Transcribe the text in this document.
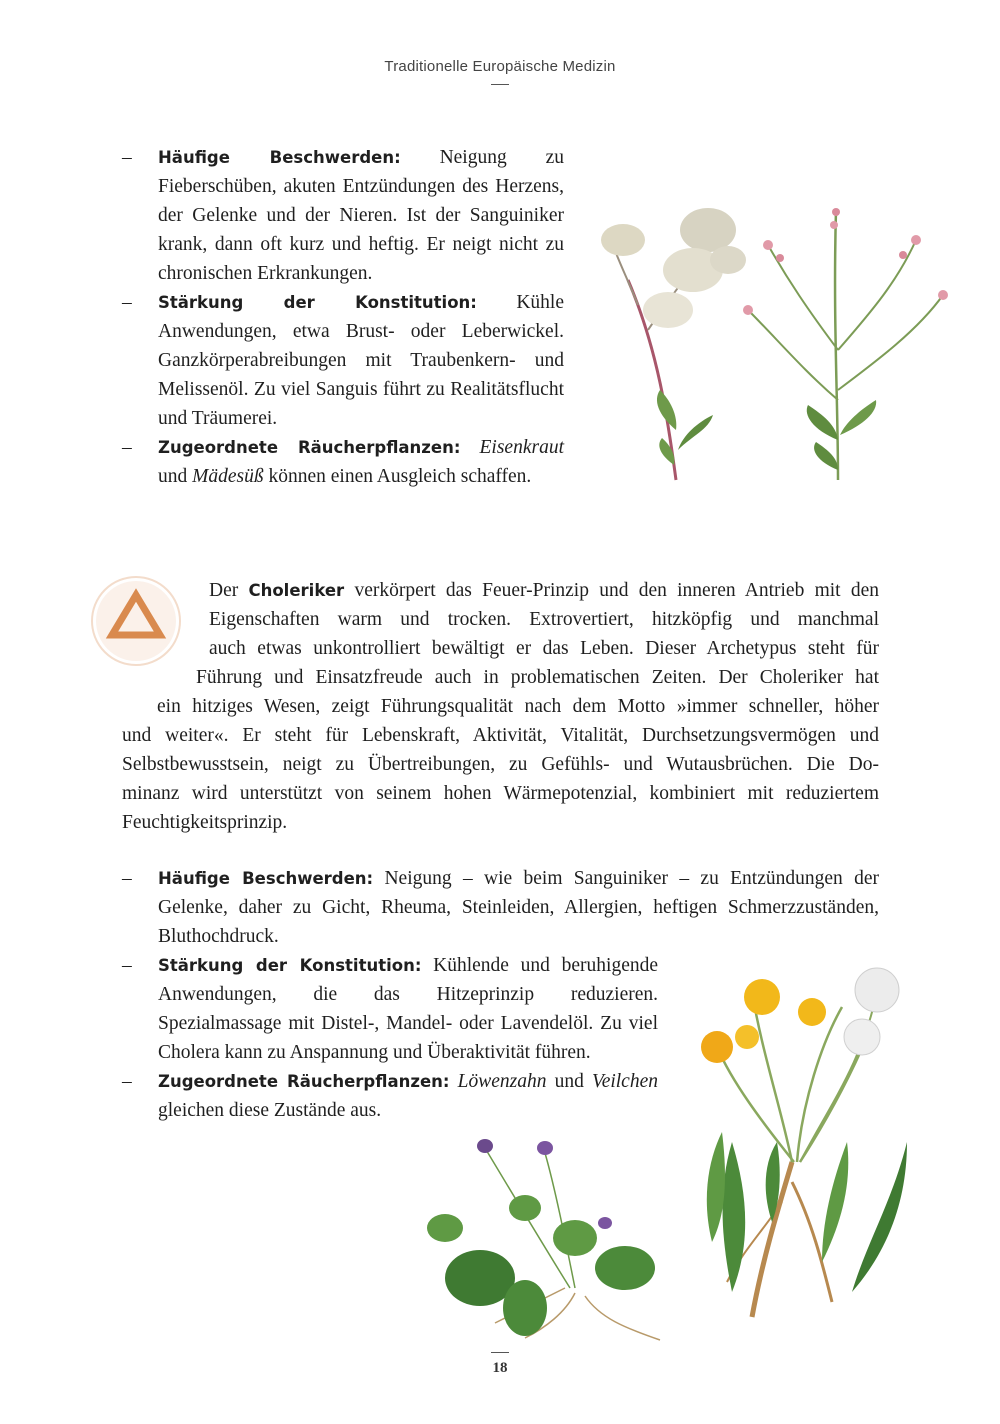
Traditionelle Europäische Medizin
– Häufige Beschwerden: Neigung zu Fieberschüben, akuten Entzündungen des Herzens, der Gelenke und der Nieren. Ist der Sanguiniker krank, dann oft kurz und heftig. Er neigt nicht zu chronischen Erkrankungen.
– Stärkung der Konstitution: Kühle Anwendungen, etwa Brust- oder Leberwickel. Ganzkörperabreibungen mit Traubenkern- und Melissenöl. Zu viel Sanguis führt zu Realitätsflucht und Träumerei.
– Zugeordnete Räucherpflanzen: Eisenkraut und Mädesüß können einen Ausgleich schaffen.
Der Choleriker verkörpert das Feuer-Prinzip und den inneren Antrieb mit den
Eigenschaften warm und trocken. Extrovertiert, hitzköpfig und manchmal
auch etwas unkontrolliert bewältigt er das Leben. Dieser Archetypus steht für
Führung und Einsatzfreude auch in problematischen Zeiten. Der Choleriker hat
ein hitziges Wesen, zeigt Führungsqualität nach dem Motto »immer schneller, höher
und weiter«. Er steht für Lebenskraft, Aktivität, Vitalität, Durchsetzungsvermögen und
Selbstbewusstsein, neigt zu Übertreibungen, zu Gefühls- und Wutausbrüchen. Die Do-
minanz wird unterstützt von seinem hohen Wärmepotenzial, kombiniert mit reduziertem
Feuchtigkeitsprinzip.
– Häufige Beschwerden: Neigung – wie beim Sanguiniker – zu Entzündungen der Gelenke, daher zu Gicht, Rheuma, Steinleiden, Allergien, heftigen Schmerzzuständen, Bluthochdruck.
– Stärkung der Konstitution: Kühlende und beruhigende Anwendungen, die das Hitzeprinzip reduzieren. Spezialmassage mit Distel-, Mandel- oder Lavendelöl. Zu viel Cholera kann zu Anspannung und Überaktivität führen.
– Zugeordnete Räucherpflanzen: Löwenzahn und Veilchen gleichen diese Zustände aus.
18
